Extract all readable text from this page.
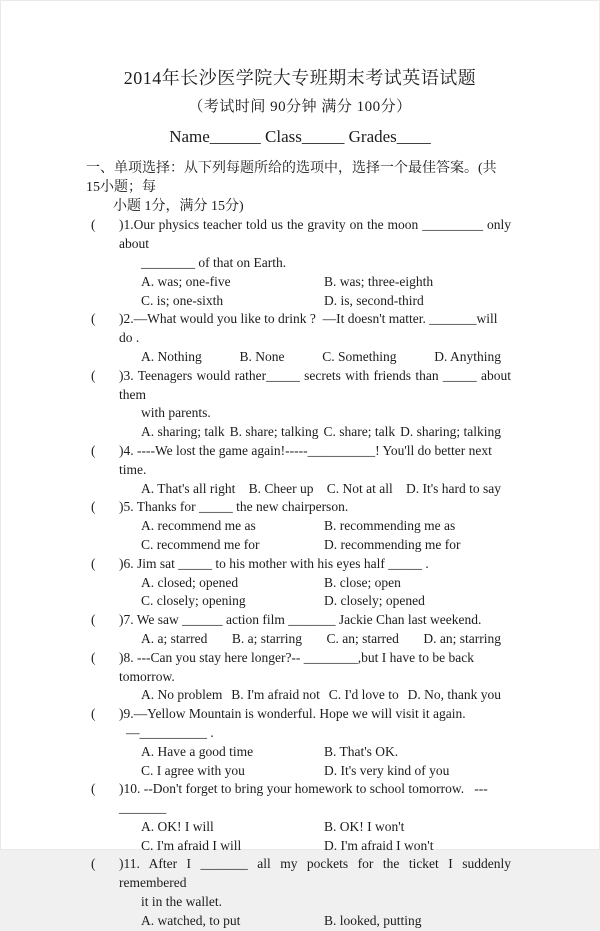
2014年长沙医学院大专班期末考试英语试题
（考试时间 90分钟 满分 100分）
Name______ Class_____ Grades____
一、单项选择：从下列每题所给的选项中，选择一个最佳答案。(共 15小题；每
小题 1分，满分 15分)
( )1.Our physics teacher told us the gravity on the moon _________ only about
________ of that on Earth.
A. was; one-five	B. was; three-eighth
C. is; one-sixth	D. is, second-third
( )2.—What would you like to drink ?  —It doesn't matter. _______will do .
A. Nothing	B. None	C. Something	D. Anything
( )3. Teenagers would rather_____ secrets with friends than _____ about them
with parents.
A. sharing; talk B. share; talking C. share; talk D. sharing; talking
( )4. ----We lost the game again!-----__________! You'll do better next time.
A. That's all right B. Cheer up C. Not at all D. It's hard to say
( )5. Thanks for _____ the new chairperson.
A. recommend me as	B. recommending me as
C. recommend me for	D. recommending me for
( )6. Jim sat _____ to his mother with his eyes half _____ .
A. closed; opened	B. close; open
C. closely; opening	D. closely; opened
( )7. We saw ______ action film _______ Jackie Chan last weekend.
A. a; starred B. a; starring C. an; starred D. an; starring
( )8. ---Can you stay here longer?-- ________,but I have to be back tomorrow.
A. No problem B. I'm afraid not C. I'd love to D. No, thank you
( )9.—Yellow Mountain is wonderful. Hope we will visit it again.
—__________ .
A. Have a good time	B. That's OK.
C. I agree with you	D. It's very kind of you
( )10. --Don't forget to bring your homework to school tomorrow.   ---_______
A. OK! I will	B. OK! I won't
C. I'm afraid I will	D. I'm afraid I won't
( )11. After I _______ all my pockets for the ticket I suddenly remembered
it in the wallet.
A. watched, to put	B. looked, putting
